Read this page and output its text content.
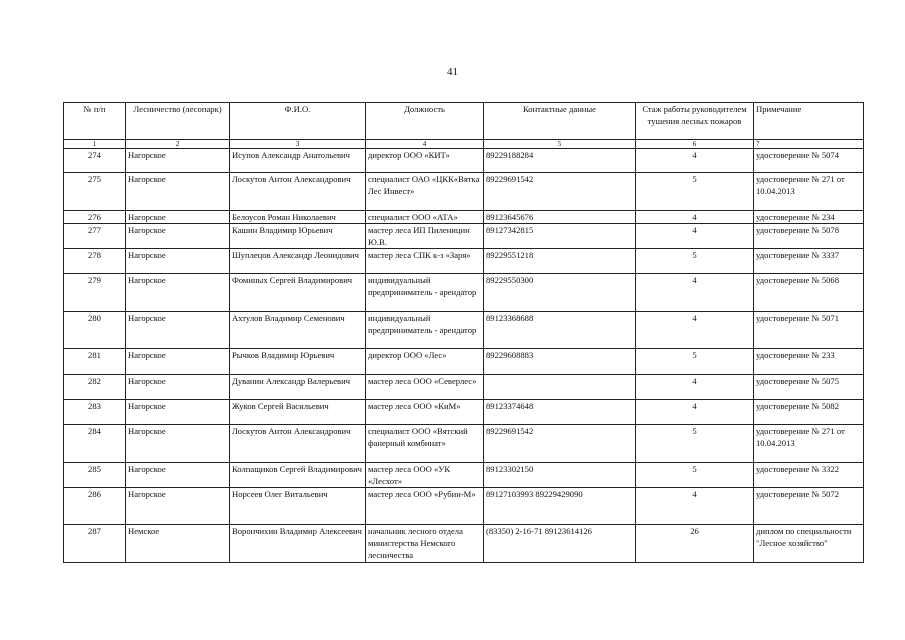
41
№ п/п	Лесничество (лесопарк)	Ф.И.О.	Должность	Контактные данные	Стаж работы руководителем тушения лесных пожаров	Примечание
1	2	3	4	5	6	7
274	Нагорское	Исупов Александр Анатольевич	директор ООО «КИТ»	89229188284	4	удостоверение № 5074
275	Нагорское	Лоскутов Антон Александрович	специалист ОАО «ЦКК«Вятка Лес Инвест»	89229691542	5	удостоверение № 271 от 10.04.2013
276	Нагорское	Белоусов Роман Николаевич	специалист ООО «АТА»	89123645676	4	удостоверение № 234
277	Нагорское	Кашин Владимир Юрьевич	мастер леса ИП Пиленицин Ю.В.	89127342815	4	удостоверение № 5078
278	Нагорское	Шуплецов Александр Леонидович	мастер леса СПК к-з «Заря»	89229551218	5	удостоверение № 3337
279	Нагорское	Фоминых Сергей Владимирович	индивидуальный предприниматель - арендатор	89229550300	4	удостоверение № 5068
280	Нагорское	Ахтулов Владимир Семенович	индивидуальный предприниматель - арендатор	89123368688	4	удостоверение № 5071
281	Нагорское	Рычков Владимир Юрьевич	директор ООО «Лес»	89229608883	5	удостоверение № 233
282	Нагорское	Дуванин Александр Валерьевич	мастер леса ООО «Северлес»		4	удостоверение № 5075
283	Нагорское	Жуков Сергей Васильевич	мастер леса ООО «КиМ»	89123374648	4	удостоверение № 5082
284	Нагорское	Лоскутов Антон Александрович	специалист ООО «Вятский фанерный комбинат»	89229691542	5	удостоверение № 271 от 10.04.2013
285	Нагорское	Колпащиков Сергей Владимирович	мастер леса ООО «УК «Лесхот»	89123302150	5	удостоверение № 3322
286	Нагорское	Норсеев Олег Витальевич	мастер леса ООО «Рубин-М»	89127103993 89229429090	4	удостоверение № 5072
287	Немское	Ворончихин Владимир Алексеевич	начальник лесного отдела министерства Немского лесничества	(83350) 2-16-71 89123614126	26	диплом по специальности "Лесное хозяйство"
